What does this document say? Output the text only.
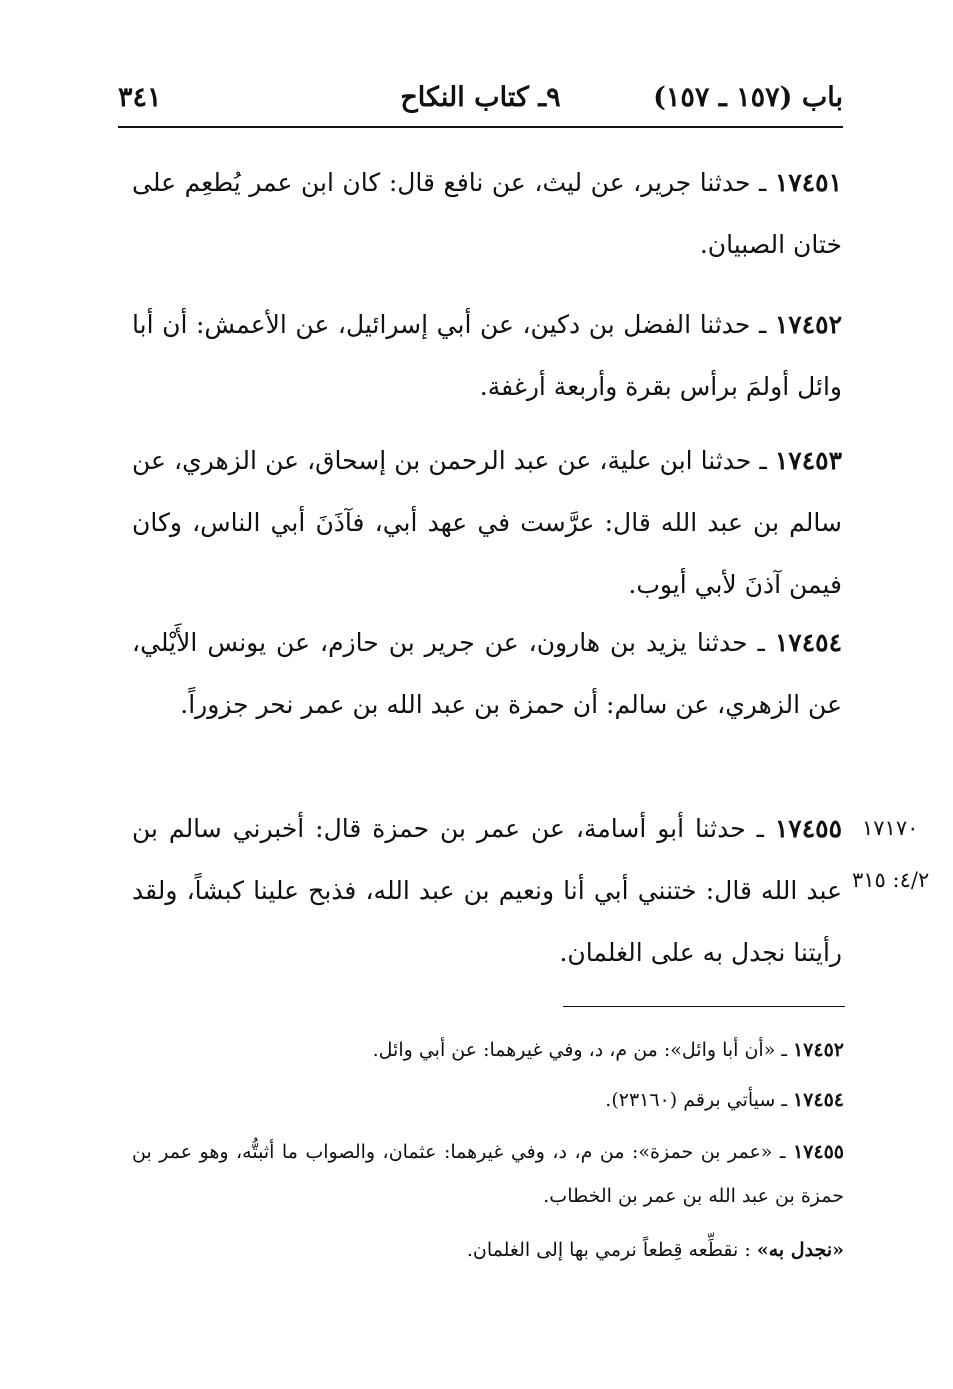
باب (١٥٧ ـ ١٥٧)
٩ـ كتاب النكاح
٣٤١

١٧٤٥١ ـ حدثنا جرير، عن ليث، عن نافع قال: كان ابن عمر يُطعِم على ختان الصبيان.

١٧٤٥٢ ـ حدثنا الفضل بن دكين، عن أبي إسرائيل، عن الأعمش: أن أبا وائل أولمَ برأس بقرة وأربعة أرغفة.

١٧٤٥٣ ـ حدثنا ابن علية، عن عبد الرحمن بن إسحاق، عن الزهري، عن سالم بن عبد الله قال: عرَّست في عهد أبي، فآذَنَ أبي الناس، وكان فيمن آذنَ لأبي أيوب.

١٧٤٥٤ ـ حدثنا يزيد بن هارون، عن جرير بن حازم، عن يونس الأَيْلي، عن الزهري، عن سالم: أن حمزة بن عبد الله بن عمر نحر جزوراً.

١٧٤٥٥ ـ حدثنا أبو أسامة، عن عمر بن حمزة قال: أخبرني سالم بن عبد الله قال: ختنني أبي أنا ونعيم بن عبد الله، فذبح علينا كبشاً، ولقد رأيتنا نجدل به على الغلمان.

١٧١٧٠
٤/٢: ٣١٥

١٧٤٥٢ ـ «أن أبا وائل»: من م، د، وفي غيرهما: عن أبي وائل.

١٧٤٥٤ ـ سيأتي برقم (٢٣١٦٠).

١٧٤٥٥ ـ «عمر بن حمزة»: من م، د، وفي غيرهما: عثمان، والصواب ما أثبتُّه، وهو عمر بن حمزة بن عبد الله بن عمر بن الخطاب.

«نجدل به» : نقطِّعه قِطعاً نرمي بها إلى الغلمان.
